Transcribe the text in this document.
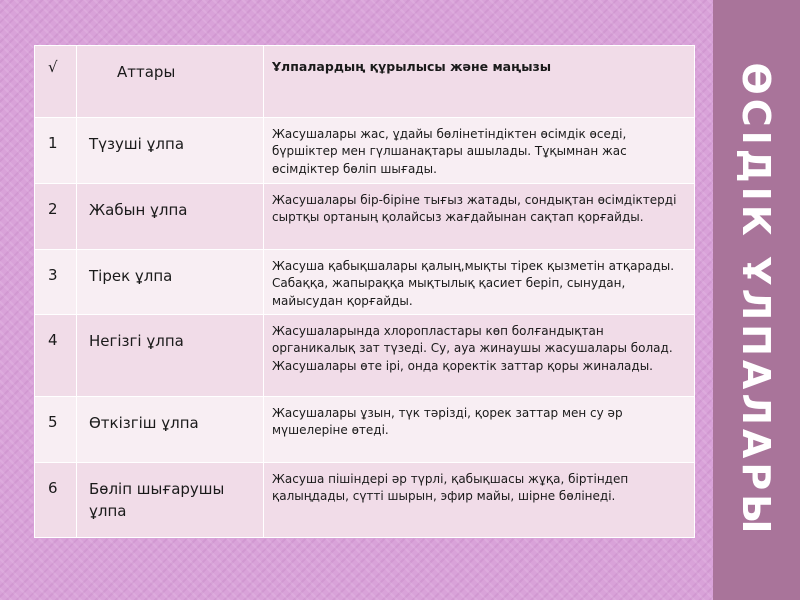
ӨСІДІК ҰЛПАЛАРЫ
√	Аттары	Ұлпалардың құрылысы және маңызы
1	Түзуші ұлпа	Жасушалары жас, ұдайы бөлінетіндіктен өсімдік өседі, бүршіктер мен гүлшанақтары ашылады. Тұқымнан жас өсімдіктер бөліп шығады.
2	Жабын ұлпа	Жасушалары бір-біріне тығыз жатады, сондықтан өсімдіктерді сыртқы ортаның қолайсыз жағдайынан сақтап қорғайды.
3	Тірек ұлпа	Жасуша қабықшалары қалың,мықты тірек қызметін атқарады. Сабаққа, жапыраққа мықтылық қасиет беріп, сынудан, майысудан қорғайды.
4	Негізгі ұлпа	Жасушаларында хлоропластары көп болғандықтан органикалық зат түзеді. Су, ауа жинаушы жасушалары болад. Жасушалары өте ірі, онда қоректік заттар қоры жиналады.
5	Өткізгіш ұлпа	Жасушалары ұзын, түк тәрізді, қорек заттар мен су әр мүшелеріне өтеді.
6	Бөліп шығарушы ұлпа	Жасуша пішіндері әр түрлі, қабықшасы жұқа, біртіндеп қалыңдады, сүтті шырын, эфир майы, шірне бөлінеді.
